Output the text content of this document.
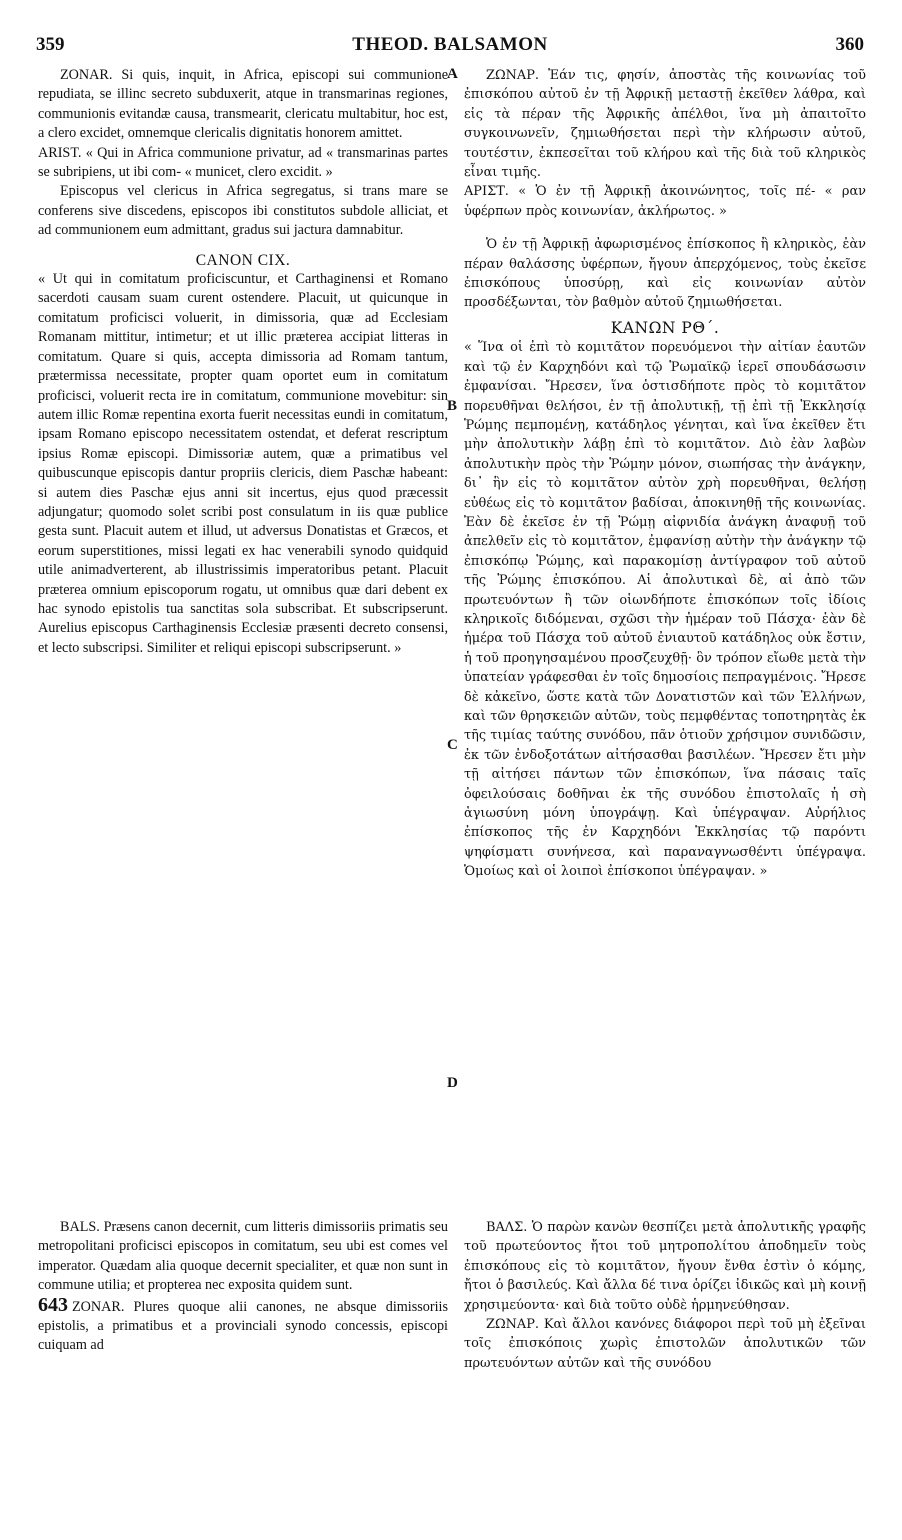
359	THEOD. BALSAMON	360
A
B
C
D

ZONAR. Si quis, inquit, in Africa, episcopi sui communione repudiata, se illinc secreto subduxerit, atque in transmarinas regiones, communionis evitandæ causa, transmearit, clericatu multabitur, hoc est, a clero excidet, omnemque clericalis dignitatis honorem amittet.

ARIST. « Qui in Africa communione privatur, ad « transmarinas partes se subripiens, ut ibi com- « municet, clero excidit. »

Episcopus vel clericus in Africa segregatus, si trans mare se conferens sive discedens, episcopos ibi constitutos subdole alliciat, et ad communionem eum admittant, gradus sui jactura damnabitur.

CANON CIX.

« Ut qui in comitatum proficiscuntur, et Carthaginensi et Romano sacerdoti causam suam curent ostendere. Placuit, ut quicunque in comitatum proficisci voluerit, in dimissoria, quæ ad Ecclesiam Romanam mittitur, intimetur; et ut illic præterea accipiat litteras in comitatum. Quare si quis, accepta dimissoria ad Romam tantum, prætermissa necessitate, propter quam oportet eum in comitatum proficisci, voluerit recta ire in comitatum, communione movebitur: sin autem illic Romæ repentina exorta fuerit necessitas eundi in comitatum, ipsam Romano episcopo necessitatem ostendat, et deferat rescriptum ipsius Romæ episcopi. Dimissoriæ autem, quæ a primatibus vel quibuscunque episcopis dantur propriis clericis, diem Paschæ habeant: si autem dies Paschæ ejus anni sit incertus, ejus quod præcessit adjungatur; quomodo solet scribi post consulatum in iis quæ publice gesta sunt. Placuit autem et illud, ut adversus Donatistas et Græcos, et eorum superstitiones, missi legati ex hac venerabili synodo quidquid utile animadverterent, ab illustrissimis imperatoribus petant. Placuit præterea omnium episcoporum rogatu, ut omnibus quæ dari debent ex hac synodo epistolis tua sanctitas sola subscribat. Et subscripserunt. Aurelius episcopus Carthaginensis Ecclesiæ præsenti decreto consensi, et lecto subscripsi. Similiter et reliqui episcopi subscripserunt. »

BALS. Præsens canon decernit, cum litteris dimissoriis primatis seu metropolitani proficisci episcopos in comitatum, seu ubi est comes vel imperator. Quædam alia quoque decernit specialiter, et quæ non sunt in commune utilia; et propterea nec exposita quidem sunt.

643 ZONAR. Plures quoque alii canones, ne absque dimissoriis epistolis, a primatibus et a provinciali synodo concessis, episcopi cuiquam ad

ΖΩΝΑΡ. Ἐάν τις, φησίν, ἀποστὰς τῆς κοινωνίας τοῦ ἐπισκόπου αὐτοῦ ἐν τῇ Ἀφρικῇ μεταστῇ ἐκεῖθεν λάθρα, καὶ εἰς τὰ πέραν τῆς Ἀφρικῆς ἀπέλθοι, ἵνα μὴ ἀπαιτοῖτο συγκοινωνεῖν, ζημιωθήσεται περὶ τὴν κλήρωσιν αὐτοῦ, τουτέστιν, ἐκπεσεῖται τοῦ κλήρου καὶ τῆς διὰ τοῦ κληρικὸς εἶναι τιμῆς.

ΑΡΙΣΤ. « Ὁ ἐν τῇ Ἀφρικῇ ἀκοινώνητος, τοῖς πέ- « ραν ὑφέρπων πρὸς κοινωνίαν, ἀκλήρωτος. »

Ὁ ἐν τῇ Ἀφρικῇ ἀφωρισμένος ἐπίσκοπος ἢ κληρικὸς, ἐὰν πέραν θαλάσσης ὑφέρπων, ἤγουν ἀπερχόμενος, τοὺς ἐκεῖσε ἐπισκόπους ὑποσύρῃ, καὶ εἰς κοινωνίαν αὐτὸν προσδέξωνται, τὸν βαθμὸν αὐτοῦ ζημιωθήσεται.

ΚΑΝΩΝ ΡΘ΄.

« Ἵνα οἱ ἐπὶ τὸ κομιτᾶτον πορευόμενοι τὴν αἰτίαν ἑαυτῶν καὶ τῷ ἐν Καρχηδόνι καὶ τῷ Ῥωμαϊκῷ ἱερεῖ σπουδάσωσιν ἐμφανίσαι. Ἤρεσεν, ἵνα ὁστισδήποτε πρὸς τὸ κομιτᾶτον πορευθῆναι θελήσοι, ἐν τῇ ἀπολυτικῇ, τῇ ἐπὶ τῇ Ἐκκλησίᾳ Ῥώμης πεμπομένῃ, κατάδηλος γένηται, καὶ ἵνα ἐκεῖθεν ἔτι μὴν ἀπολυτικὴν λάβῃ ἐπὶ τὸ κομιτᾶτον. Διὸ ἐὰν λαβὼν ἀπολυτικὴν πρὸς τὴν Ῥώμην μόνον, σιωπήσας τὴν ἀνάγκην, δι᾽ ἣν εἰς τὸ κομιτᾶτον αὐτὸν χρὴ πορευθῆναι, θελήσῃ εὐθέως εἰς τὸ κομιτᾶτον βαδίσαι, ἀποκινηθῇ τῆς κοινωνίας. Ἐὰν δὲ ἐκεῖσε ἐν τῇ Ῥώμῃ αἰφνιδία ἀνάγκη ἀναφυῇ τοῦ ἀπελθεῖν εἰς τὸ κομιτᾶτον, ἐμφανίσῃ αὐτὴν τὴν ἀνάγκην τῷ ἐπισκόπῳ Ῥώμης, καὶ παρακομίσῃ ἀντίγραφον τοῦ αὐτοῦ τῆς Ῥώμης ἐπισκόπου. Αἱ ἀπολυτικαὶ δὲ, αἱ ἀπὸ τῶν πρωτευόντων ἢ τῶν οἱωνδήποτε ἐπισκόπων τοῖς ἰδίοις κληρικοῖς διδόμεναι, σχῶσι τὴν ἡμέραν τοῦ Πάσχα· ἐὰν δὲ ἡμέρα τοῦ Πάσχα τοῦ αὐτοῦ ἐνιαυτοῦ κατάδηλος οὐκ ἔστιν, ἡ τοῦ προηγησαμένου προσζευχθῇ· ὃν τρόπον εἴωθε μετὰ τὴν ὑπατείαν γράφεσθαι ἐν τοῖς δημοσίοις πεπραγμένοις. Ἤρεσε δὲ κἀκεῖνο, ὥστε κατὰ τῶν Δονατιστῶν καὶ τῶν Ἑλλήνων, καὶ τῶν θρησκειῶν αὐτῶν, τοὺς πεμφθέντας τοποτηρητὰς ἐκ τῆς τιμίας ταύτης συνόδου, πᾶν ὁτιοῦν χρήσιμον συνιδῶσιν, ἐκ τῶν ἐνδοξοτάτων αἰτήσασθαι βασιλέων. Ἤρεσεν ἔτι μὴν τῇ αἰτήσει πάντων τῶν ἐπισκόπων, ἵνα πάσαις ταῖς ὀφειλούσαις δοθῆναι ἐκ τῆς συνόδου ἐπιστολαῖς ἡ σὴ ἁγιωσύνη μόνη ὑπογράψῃ. Καὶ ὑπέγραψαν. Αὐρήλιος ἐπίσκοπος τῆς ἐν Καρχηδόνι Ἐκκλησίας τῷ παρόντι ψηφίσματι συνήνεσα, καὶ παραναγνωσθέντι ὑπέγραψα. Ὁμοίως καὶ οἱ λοιποὶ ἐπίσκοποι ὑπέγραψαν. »

ΒΑΛΣ. Ὁ παρὼν κανὼν θεσπίζει μετὰ ἀπολυτικῆς γραφῆς τοῦ πρωτεύοντος ἤτοι τοῦ μητροπολίτου ἀποδημεῖν τοὺς ἐπισκόπους εἰς τὸ κομιτᾶτον, ἤγουν ἔνθα ἐστὶν ὁ κόμης, ἤτοι ὁ βασιλεύς. Καὶ ἄλλα δέ τινα ὁρίζει ἰδικῶς καὶ μὴ κοινῇ χρησιμεύοντα· καὶ διὰ τοῦτο οὐδὲ ἡρμηνεύθησαν.

ΖΩΝΑΡ. Καὶ ἄλλοι κανόνες διάφοροι περὶ τοῦ μὴ ἐξεῖναι τοῖς ἐπισκόποις χωρὶς ἐπιστολῶν ἀπολυτικῶν τῶν πρωτευόντων αὐτῶν καὶ τῆς συνόδου
